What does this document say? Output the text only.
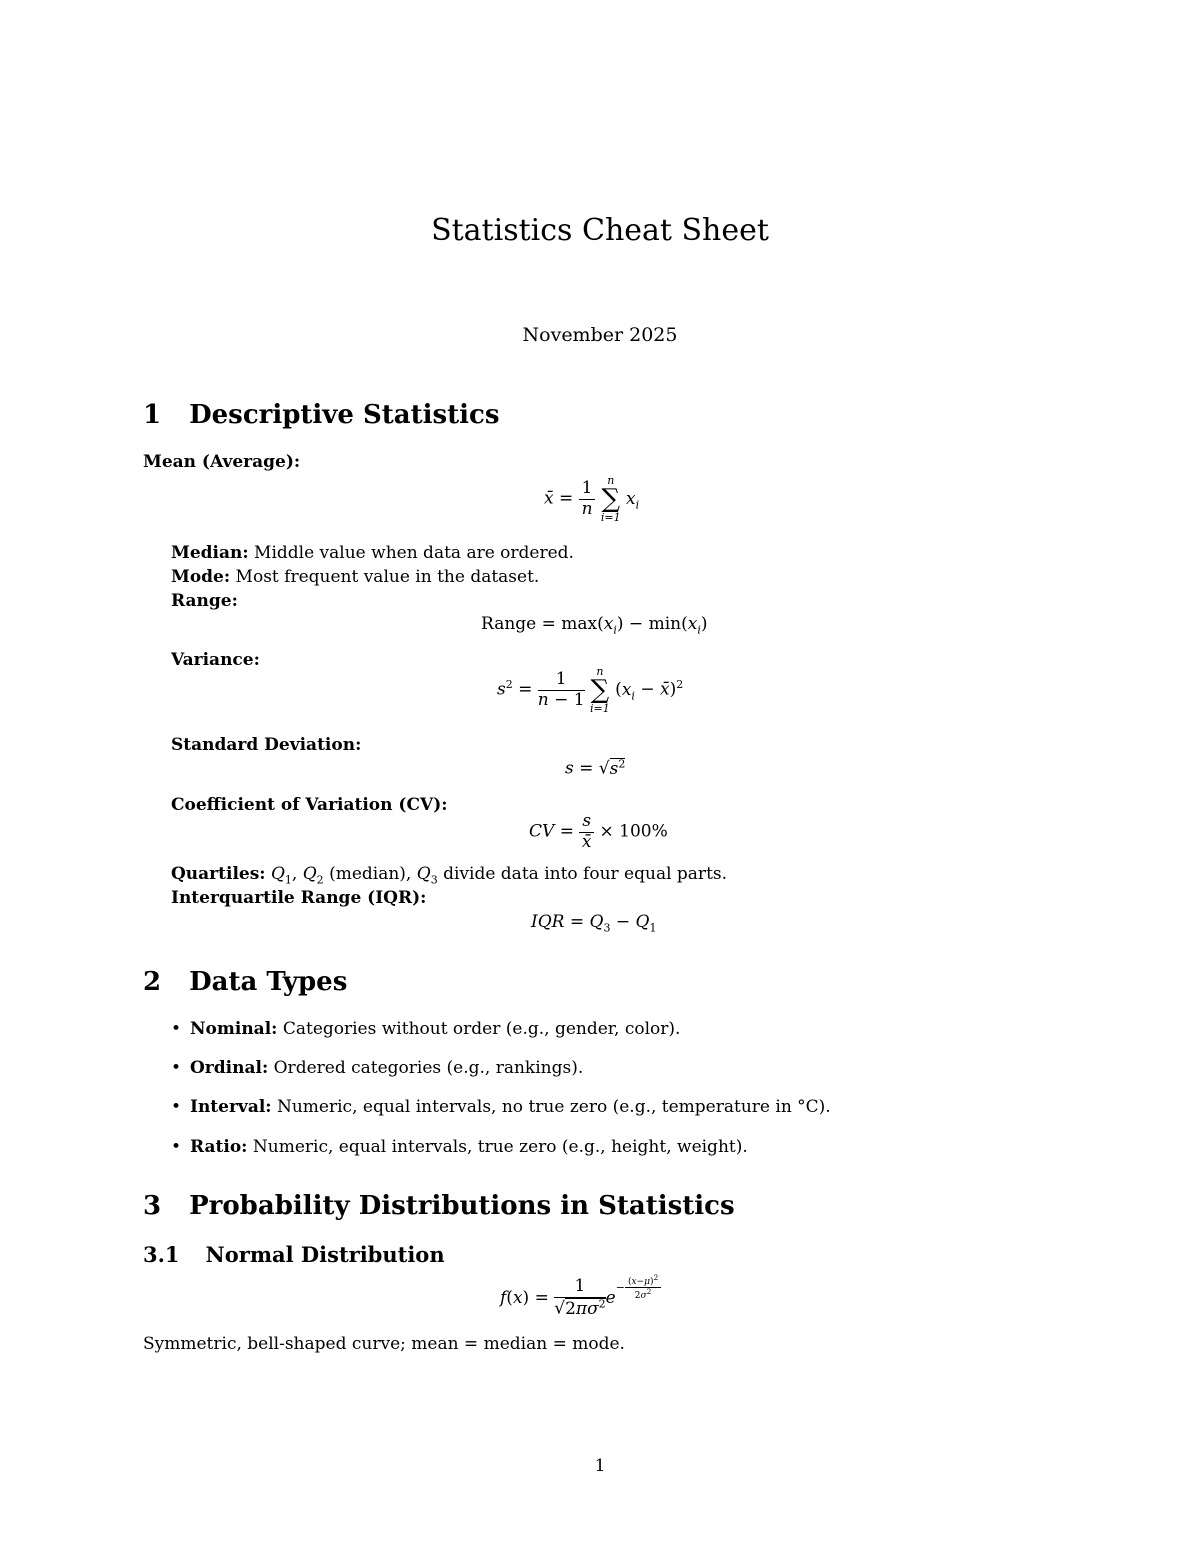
Statistics Cheat Sheet
November 2025
1 Descriptive Statistics
Mean (Average):
x̄ = $\frac{1}{n}$
	n
∑
i=1
$x_i$
Median: Middle value when data are ordered.
Mode: Most frequent value in the dataset.
Range:
Range = $\max(x_i) - \min(x_i)$
Variance:
$s^2 = \frac{1}{n - 1}$
	n
∑
i=1
($x_i$ − x̄)$^2$
Standard Deviation:
$s = √s^2$
Coefficient of Variation (CV):
CV = $\frac{s}{x̄} \times 100\%$
Quartiles: $Q_1$, $Q_2$ (median), $Q_3$ divide data into four equal parts.
Interquartile Range (IQR):
IQR = $Q_3 - Q_1$
2 Data Types
• Nominal: Categories without order (e.g., gender, color).
• Ordinal: Ordered categories (e.g., rankings).
• Interval: Numeric, equal intervals, no true zero (e.g., temperature in °C).
• Ratio: Numeric, equal intervals, true zero (e.g., height, weight).
3 Probability Distributions in Statistics
3.1 Normal Distribution
$f(x) = \frac{1}{√2\pi\sigma^2} e^{- \frac{(x-\mu)^2}{2\sigma^2}}$
Symmetric, bell-shaped curve; mean = median = mode.
1
